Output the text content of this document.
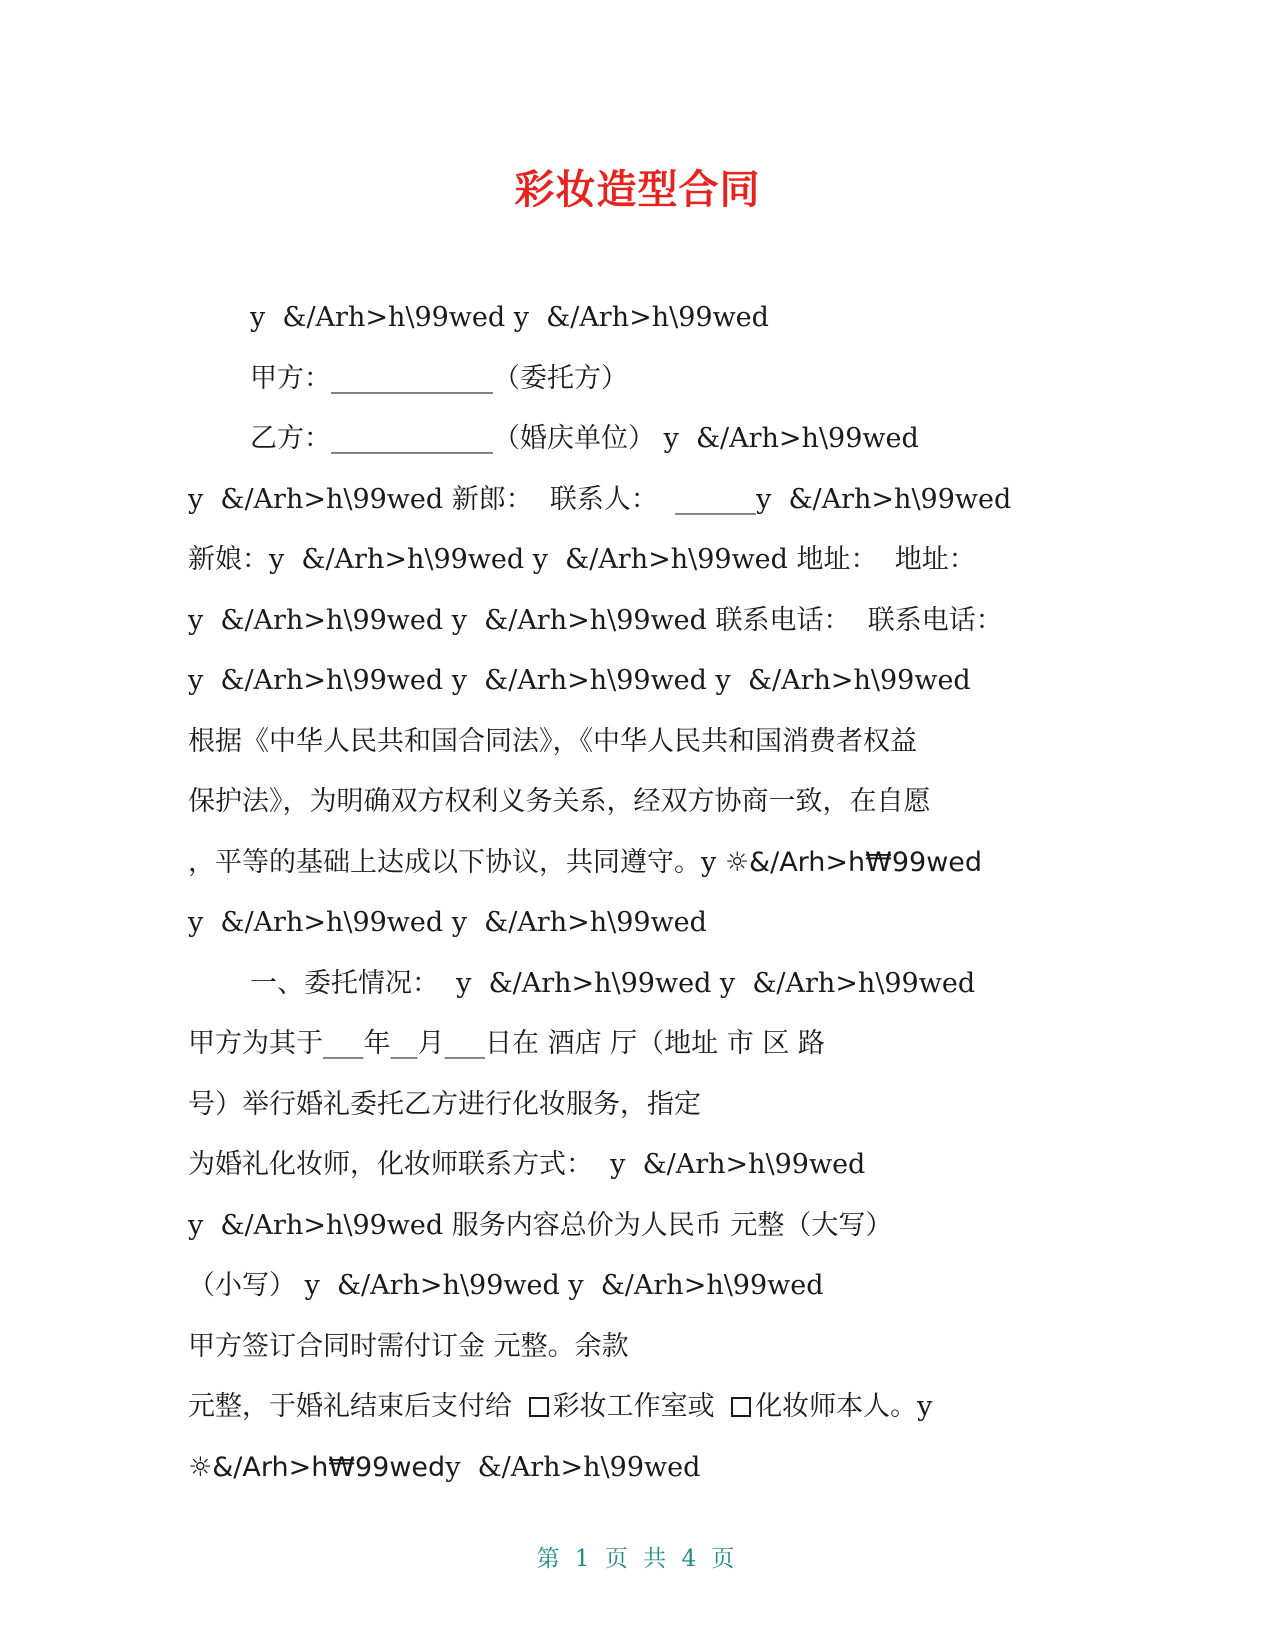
彩妆造型合同
y  &/Arh>h\99wed y  &/Arh>h\99wed
甲方：____________（委托方）
乙方：____________（婚庆单位） y  &/Arh>h\99wed
y  &/Arh>h\99wed 新郎：  联系人：  ______y  &/Arh>h\99wed
新娘：y  &/Arh>h\99wed y  &/Arh>h\99wed 地址：  地址：
y  &/Arh>h\99wed y  &/Arh>h\99wed 联系电话：  联系电话：
y  &/Arh>h\99wed y  &/Arh>h\99wed y  &/Arh>h\99wed
根据《中华人民共和国合同法》，《中华人民共和国消费者权益
保护法》，为明确双方权利义务关系，经双方协商一致，在自愿
，平等的基础上达成以下协议，共同遵守。y ☼&/Arh>h₩99wed
y  &/Arh>h\99wed y  &/Arh>h\99wed
一、委托情况：  y  &/Arh>h\99wed y  &/Arh>h\99wed
甲方为其于___年__月___日在 酒店 厅（地址 市 区 路
号）举行婚礼委托乙方进行化妆服务，指定
为婚礼化妆师，化妆师联系方式：  y  &/Arh>h\99wed
y  &/Arh>h\99wed 服务内容总价为人民币 元整（大写）
（小写） y  &/Arh>h\99wed y  &/Arh>h\99wed
甲方签订合同时需付订金 元整。余款
元整，于婚礼结束后支付给 彩妆工作室或 化妆师本人。y
☼&/Arh>h₩99wedy  &/Arh>h\99wed
第 1 页 共 4 页
